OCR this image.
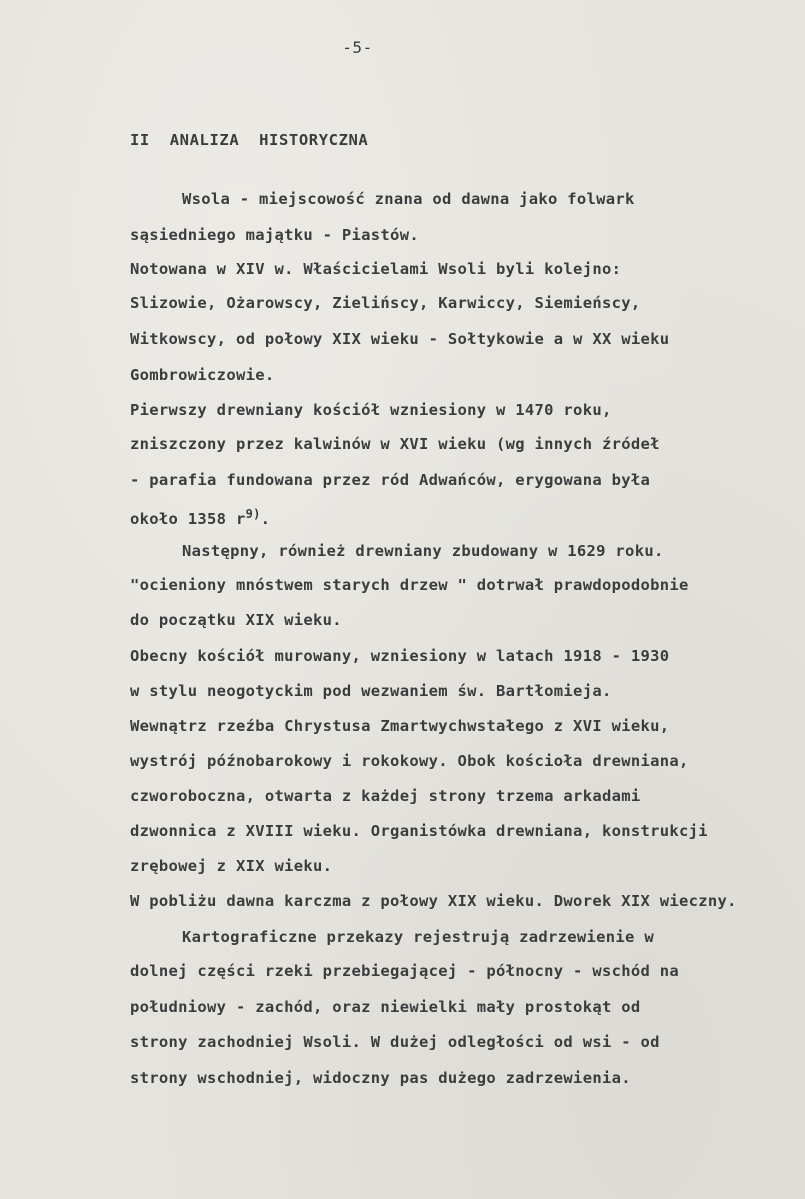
-5-
II  ANALIZA  HISTORYCZNA
Wsola - miejscowość znana od dawna jako folwark
sąsiedniego majątku - Piastów.
Notowana w XIV w. Właścicielami Wsoli byli kolejno:
Slizowie, Ożarowscy, Zielińscy, Karwiccy, Siemieńscy,
Witkowscy, od połowy XIX wieku - Sołtykowie a w XX wieku
Gombrowiczowie.
Pierwszy drewniany kościół wzniesiony w 1470 roku,
zniszczony przez kalwinów w XVI wieku (wg innych źródeł
- parafia fundowana przez ród Adwańców, erygowana była
około 1358 $r^{9)}$.
Następny, również drewniany zbudowany w 1629 roku.
"ocieniony mnóstwem starych drzew " dotrwał prawdopodobnie
do początku XIX wieku.
Obecny kościół murowany, wzniesiony w latach 1918 - 1930
w stylu neogotyckim pod wezwaniem św. Bartłomieja.
Wewnątrz rzeźba Chrystusa Zmartwychwstałego z XVI wieku,
wystrój późnobarokowy i rokokowy. Obok kościoła drewniana,
czworoboczna, otwarta z każdej strony trzema arkadami
dzwonnica z XVIII wieku. Organistówka drewniana, konstrukcji
zrębowej z XIX wieku.
W pobliżu dawna karczma z połowy XIX wieku. Dworek XIX wieczny.
Kartograficzne przekazy rejestrują zadrzewienie w
dolnej części rzeki przebiegającej - północny - wschód na
południowy - zachód, oraz niewielki mały prostokąt od
strony zachodniej Wsoli. W dużej odległości od wsi - od
strony wschodniej, widoczny pas dużego zadrzewienia.
